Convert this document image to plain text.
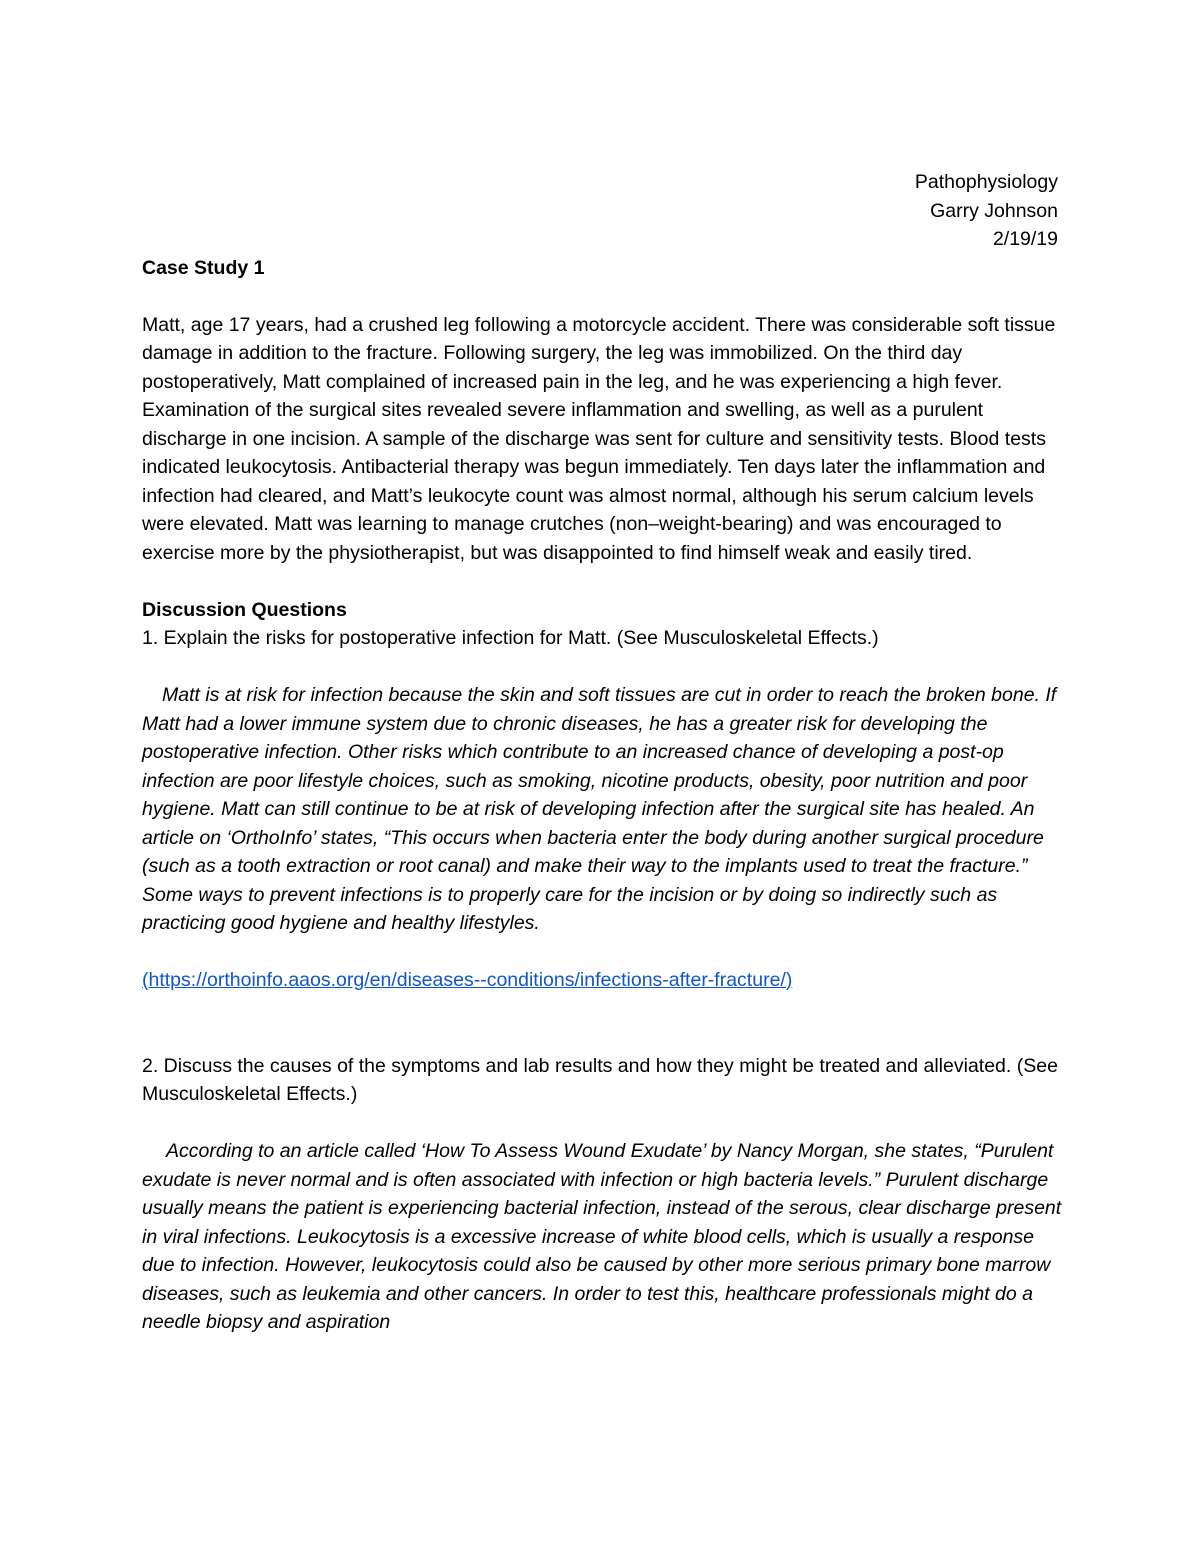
Pathophysiology
Garry Johnson
2/19/19

Case Study 1

Matt, age 17 years, had a crushed leg following a motorcycle accident. There was considerable soft tissue damage in addition to the fracture. Following surgery, the leg was immobilized. On the third day postoperatively, Matt complained of increased pain in the leg, and he was experiencing a high fever. Examination of the surgical sites revealed severe inflammation and swelling, as well as a purulent discharge in one incision. A sample of the discharge was sent for culture and sensitivity tests. Blood tests indicated leukocytosis. Antibacterial therapy was begun immediately. Ten days later the inflammation and infection had cleared, and Matt’s leukocyte count was almost normal, although his serum calcium levels were elevated. Matt was learning to manage crutches (non–weight-bearing) and was encouraged to exercise more by the physiotherapist, but was disappointed to find himself weak and easily tired.

Discussion Questions

1. Explain the risks for postoperative infection for Matt. (See Musculoskeletal Effects.)

Matt is at risk for infection because the skin and soft tissues are cut in order to reach the broken bone. If Matt had a lower immune system due to chronic diseases, he has a greater risk for developing the postoperative infection. Other risks which contribute to an increased chance of developing a post-op infection are poor lifestyle choices, such as smoking, nicotine products, obesity, poor nutrition and poor hygiene. Matt can still continue to be at risk of developing infection after the surgical site has healed. An article on ‘OrthoInfo’ states, “This occurs when bacteria enter the body during another surgical procedure (such as a tooth extraction or root canal) and make their way to the implants used to treat the fracture.” Some ways to prevent infections is to properly care for the incision or by doing so indirectly such as practicing good hygiene and healthy lifestyles.

(https://orthoinfo.aaos.org/en/diseases--conditions/infections-after-fracture/)

2. Discuss the causes of the symptoms and lab results and how they might be treated and alleviated. (See Musculoskeletal Effects.)

According to an article called ‘How To Assess Wound Exudate’ by Nancy Morgan, she states, “Purulent exudate is never normal and is often associated with infection or high bacteria levels.” Purulent discharge usually means the patient is experiencing bacterial infection, instead of the serous, clear discharge present in viral infections. Leukocytosis is a excessive increase of white blood cells, which is usually a response due to infection. However, leukocytosis could also be caused by other more serious primary bone marrow diseases, such as leukemia and other cancers. In order to test this, healthcare professionals might do a needle biopsy and aspiration
